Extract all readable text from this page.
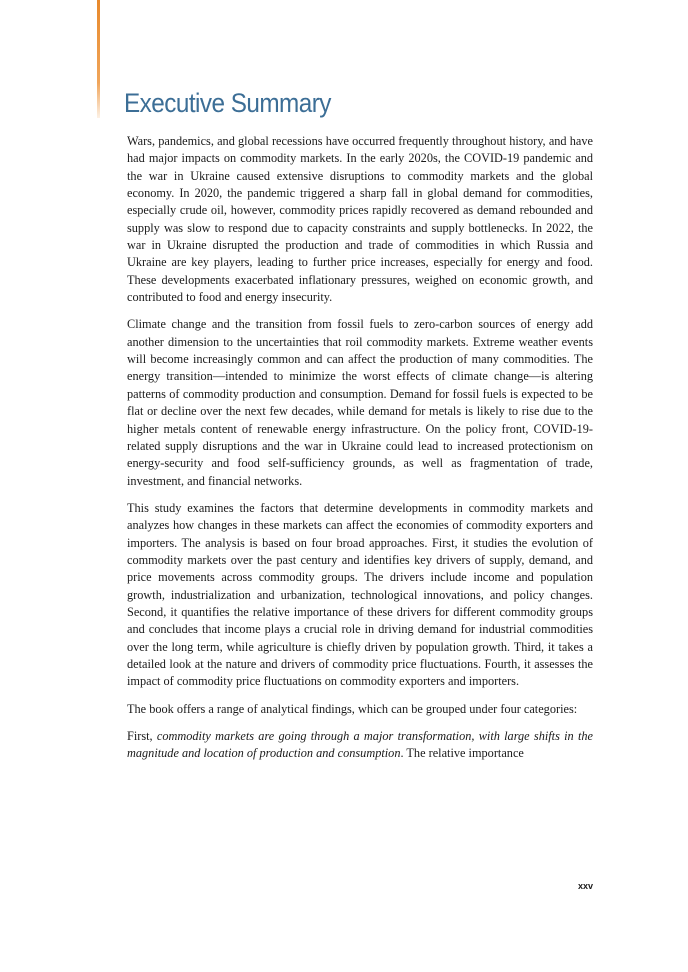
Executive Summary

Wars, pandemics, and global recessions have occurred frequently throughout history, and have had major impacts on commodity markets. In the early 2020s, the COVID-19 pandemic and the war in Ukraine caused extensive disruptions to commodity markets and the global economy. In 2020, the pandemic triggered a sharp fall in global demand for commodities, especially crude oil, however, commodity prices rapidly recovered as demand rebounded and supply was slow to respond due to capacity constraints and supply bottlenecks. In 2022, the war in Ukraine disrupted the production and trade of commodities in which Russia and Ukraine are key players, leading to further price increases, especially for energy and food. These developments exacerbated inflationary pressures, weighed on economic growth, and contributed to food and energy insecurity.

Climate change and the transition from fossil fuels to zero-carbon sources of energy add another dimension to the uncertainties that roil commodity markets. Extreme weather events will become increasingly common and can affect the production of many commodities. The energy transition—intended to minimize the worst effects of climate change—is altering patterns of commodity production and consumption. Demand for fossil fuels is expected to be flat or decline over the next few decades, while demand for metals is likely to rise due to the higher metals content of renewable energy infrastructure. On the policy front, COVID-19-related supply disruptions and the war in Ukraine could lead to increased protectionism on energy-security and food self-sufficiency grounds, as well as fragmentation of trade, investment, and financial networks.

This study examines the factors that determine developments in commodity markets and analyzes how changes in these markets can affect the economies of commodity exporters and importers. The analysis is based on four broad approaches. First, it studies the evolution of commodity markets over the past century and identifies key drivers of supply, demand, and price movements across commodity groups. The drivers include income and population growth, industrialization and urbanization, technological innovations, and policy changes. Second, it quantifies the relative importance of these drivers for different commodity groups and concludes that income plays a crucial role in driving demand for industrial commodities over the long term, while agriculture is chiefly driven by population growth. Third, it takes a detailed look at the nature and drivers of commodity price fluctuations. Fourth, it assesses the impact of commodity price fluctuations on commodity exporters and importers.

The book offers a range of analytical findings, which can be grouped under four categories:

First, commodity markets are going through a major transformation, with large shifts in the magnitude and location of production and consumption. The relative importance

xxv
